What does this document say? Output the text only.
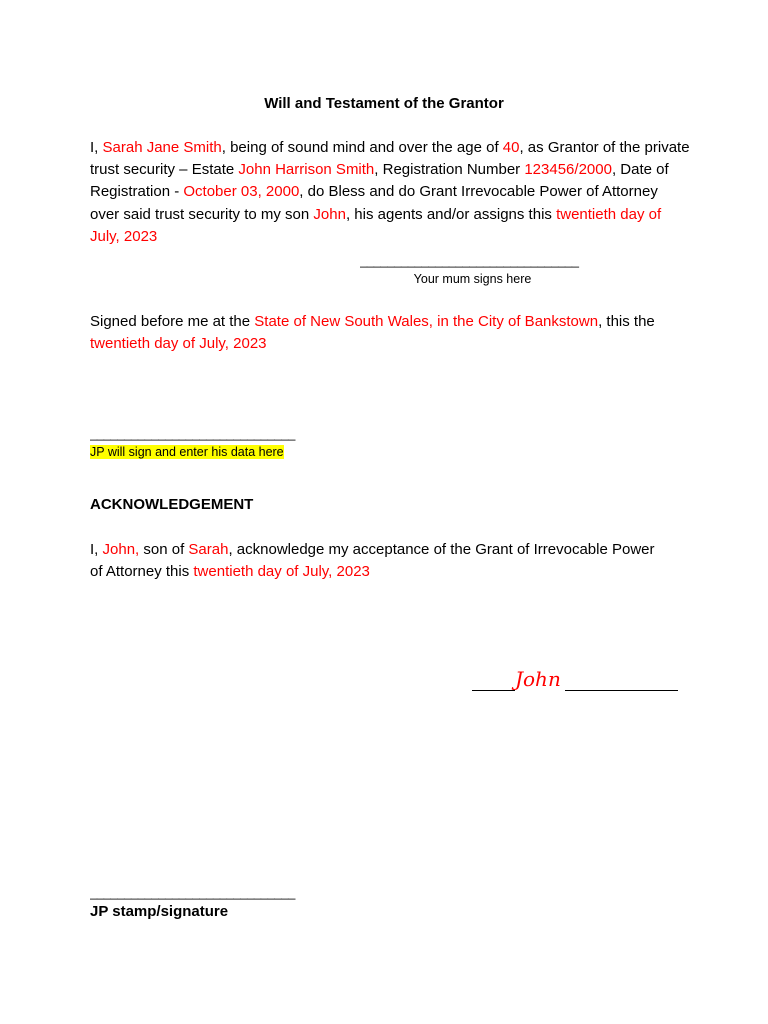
Will and Testament of the Grantor
I, Sarah Jane Smith, being of sound mind and over the age of 40, as Grantor of the private trust security – Estate John Harrison Smith, Registration Number 123456/2000, Date of Registration - October 03, 2000, do Bless and do Grant Irrevocable Power of Attorney over said trust security to my son John, his agents and/or assigns this twentieth day of July, 2023
________________________________
Your mum signs here
Signed before me at the State of New South Wales, in the City of Bankstown, this the twentieth day of July, 2023
______________________________
JP will sign and enter his data here
ACKNOWLEDGEMENT
I, John, son of Sarah, acknowledge my acceptance of the Grant of Irrevocable Power of Attorney this twentieth day of July, 2023
John
______________________________
JP stamp/signature
